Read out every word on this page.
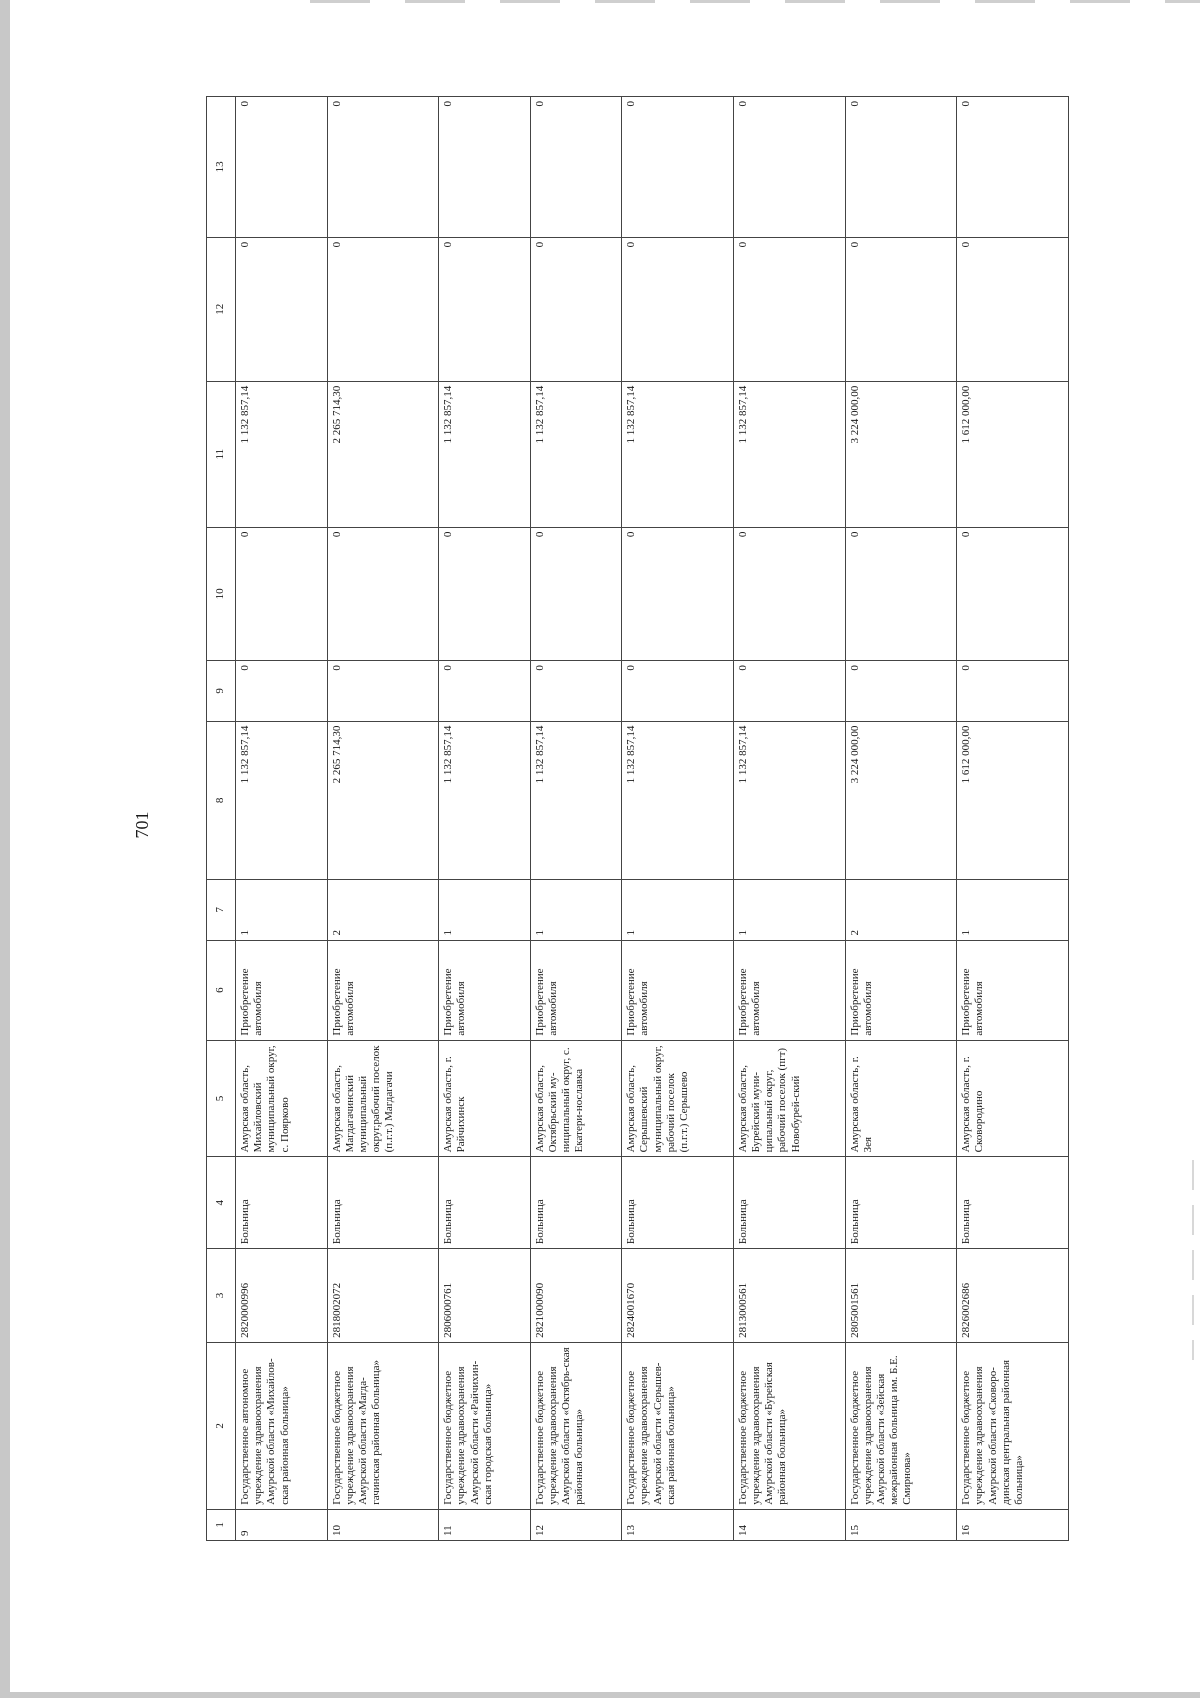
701
1	2	3	4	5	6	7	8	9	10	11	12	13
9	Государственное автономное учреждение здравоохранения Амурской области «Михайлов-ская районная больница»	2820000996	Больница	Амурская область, Михайловский муниципальный округ, с. Поярково	Приобретение автомобиля	1	1 132 857,14	0	0	1 132 857,14	0	0
10	Государственное бюджетное учреждение здравоохранения Амурской области «Магда-гачинская районная больница»	2818002072	Больница	Амурская область, Магдагачинский муниципальный округ,рабочий поселок (п.г.т.) Магдагачи	Приобретение автомобиля	2	2 265 714,30	0	0	2 265 714,30	0	0
11	Государственное бюджетное учреждение здравоохранения Амурской области «Райчихин-ская городская больница»	2806000761	Больница	Амурская область, г. Райчихинск	Приобретение автомобиля	1	1 132 857,14	0	0	1 132 857,14	0	0
12	Государственное бюджетное учреждение здравоохранения Амурской области «Октябрь-ская районная больница»	2821000090	Больница	Амурская область, Октябрьский му-ниципальный округ, с. Екатери-нославка	Приобретение автомобиля	1	1 132 857,14	0	0	1 132 857,14	0	0
13	Государственное бюджетное учреждение здравоохранения Амурской области «Серышев-ская районная больница»	2824001670	Больница	Амурская область, Серышевский муниципальный округ, рабочий поселок (п.г.т.) Серышево	Приобретение автомобиля	1	1 132 857,14	0	0	1 132 857,14	0	0
14	Государственное бюджетное учреждение здравоохранения Амурской области «Бурейская районная больница»	2813000561	Больница	Амурская область, Бурейский муни-ципальный округ, рабочий поселок (пгт) Новобурей-ский	Приобретение автомобиля	1	1 132 857,14	0	0	1 132 857,14	0	0
15	Государственное бюджетное учреждение здравоохранения Амурской области «Зейская межрайонная больница им. Б.Е. Смирнова»	2805001561	Больница	Амурская область, г. Зея	Приобретение автомобиля	2	3 224 000,00	0	0	3 224 000,00	0	0
16	Государственное бюджетное учреждение здравоохранения Амурской области «Сковоро-динская центральная районная больница»	2826002686	Больница	Амурская область, г. Сковородино	Приобретение автомобиля	1	1 612 000,00	0	0	1 612 000,00	0	0
